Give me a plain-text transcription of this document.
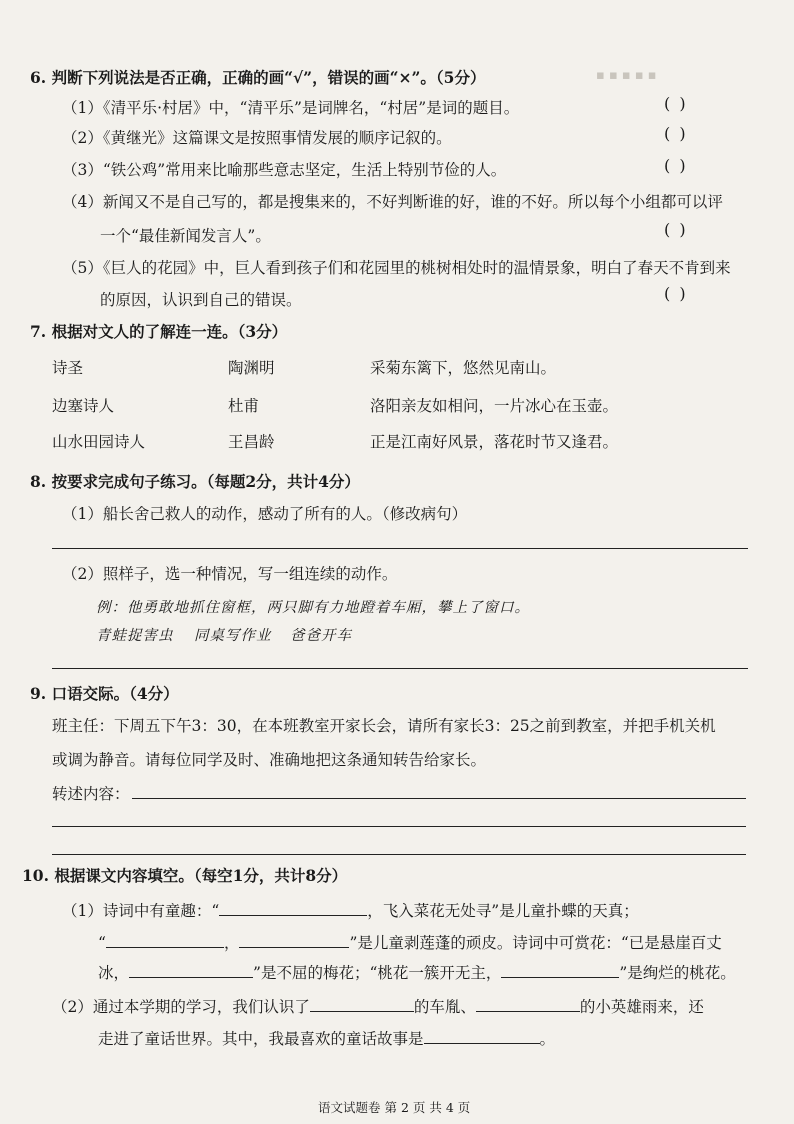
▪ ▪ ▪ ▪ ▪
6. 判断下列说法是否正确，正确的画“√”，错误的画“×”。（5分）
（1）《清平乐·村居》中，“清平乐”是词牌名，“村居”是词的题目。	( )
（2）《黄继光》这篇课文是按照事情发展的顺序记叙的。	( )
（3）“铁公鸡”常用来比喻那些意志坚定，生活上特别节俭的人。	( )
（4）新闻又不是自己写的，都是搜集来的，不好判断谁的好，谁的不好。所以每个小组都可以评
一个“最佳新闻发言人”。	( )
（5）《巨人的花园》中，巨人看到孩子们和花园里的桃树相处时的温情景象，明白了春天不肯到来
的原因，认识到自己的错误。	( )
7. 根据对文人的了解连一连。（3分）
诗圣	陶渊明	采菊东篱下，悠然见南山。
边塞诗人	杜甫	洛阳亲友如相问，一片冰心在玉壶。
山水田园诗人	王昌龄	正是江南好风景，落花时节又逢君。
8. 按要求完成句子练习。（每题2分，共计4分）
（1）船长舍己救人的动作，感动了所有的人。（修改病句）
（2）照样子，选一种情况，写一组连续的动作。
例：他勇敢地抓住窗框，两只脚有力地蹬着车厢，攀上了窗口。
青蛙捉害虫 同桌写作业 爸爸开车
9. 口语交际。（4分）
班主任：下周五下午3：30，在本班教室开家长会，请所有家长3：25之前到教室，并把手机关机
或调为静音。请每位同学及时、准确地把这条通知转告给家长。
转述内容：
10. 根据课文内容填空。（每空1分，共计8分）
（1）诗词中有童趣：“	，飞入菜花无处寻”是儿童扑蝶的天真；
“	，	”是儿童剥莲蓬的顽皮。诗词中可赏花：“已是悬崖百丈
冰，	”是不屈的梅花；“桃花一簇开无主，	”是绚烂的桃花。
（2）通过本学期的学习，我们认识了	的车胤、	的小英雄雨来，还
走进了童话世界。其中，我最喜欢的童话故事是	。
语文试题卷 第 2 页 共 4 页
